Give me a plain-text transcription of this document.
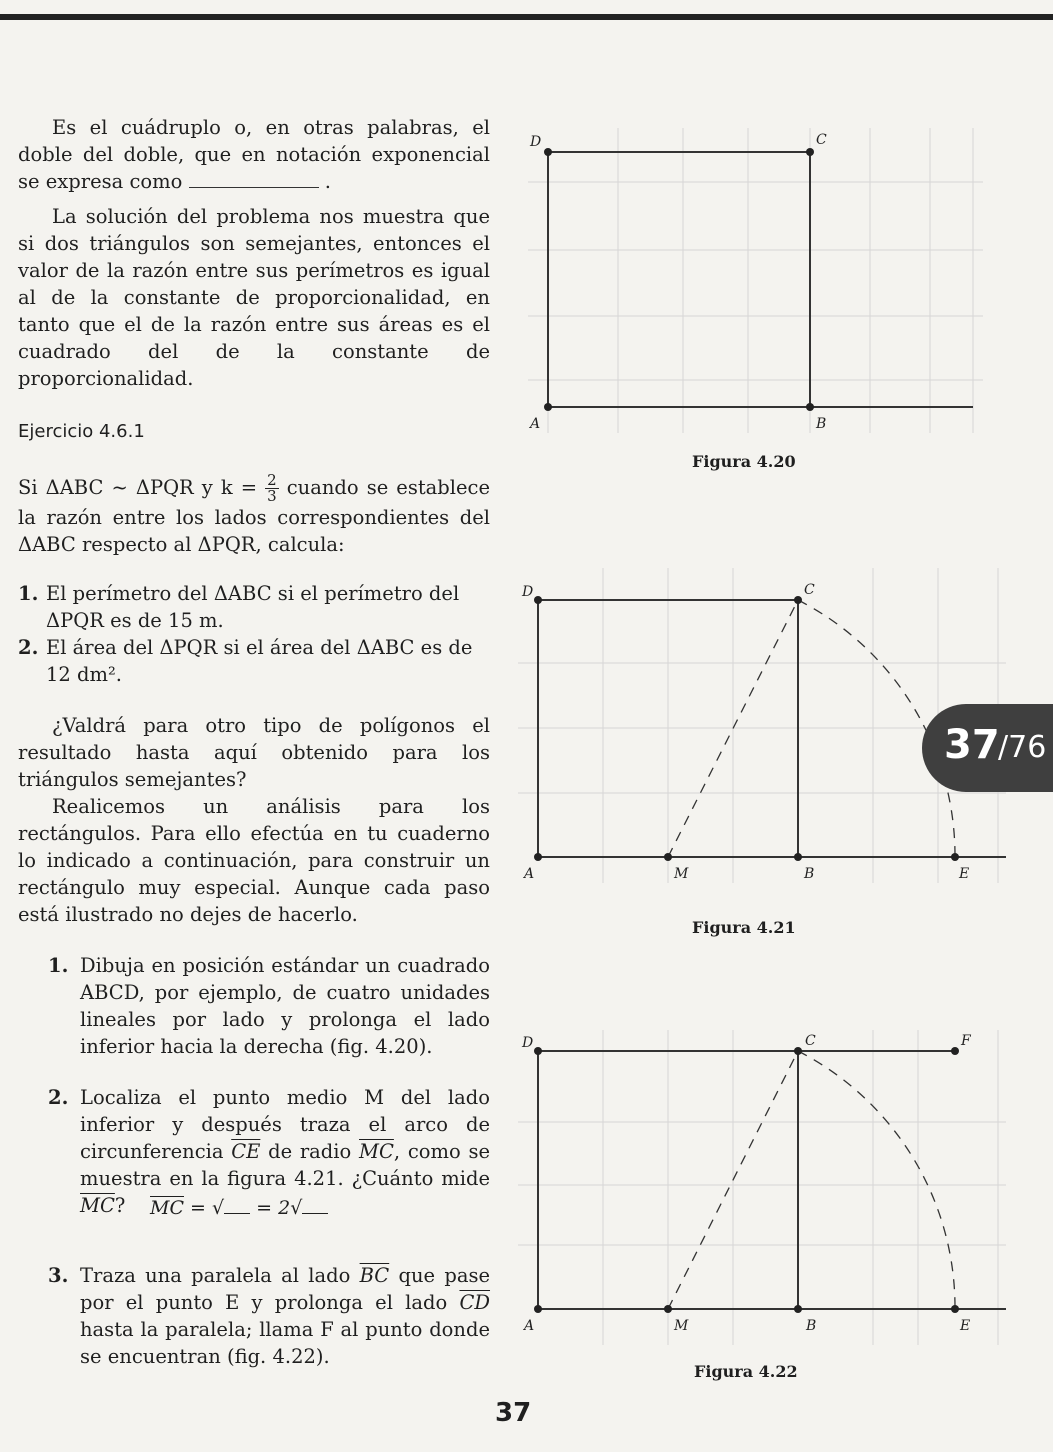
Es el cuádruplo o, en otras palabras, el doble del doble, que en notación exponencial se expresa como	.

La solución del problema nos muestra que si dos triángulos son semejantes, entonces el valor de la razón entre sus perímetros es igual al de la constante de proporcionalidad, en tanto que el de la razón entre sus áreas es el cuadrado del de la constante de proporcionalidad.

Ejercicio 4.6.1

Si ΔABC ~ ΔPQR y $k = \frac{2}{3}$ cuando se establece la razón entre los lados correspondientes del ΔABC respecto al ΔPQR, calcula:

1. El perímetro del ΔABC si el perímetro del ΔPQR es de 15 m.

2. El área del ΔPQR si el área del ΔABC es de 12 dm².

¿Valdrá para otro tipo de polígonos el resultado hasta aquí obtenido para los triángulos semejantes?

Realicemos un análisis para los rectángulos. Para ello efectúa en tu cuaderno lo indicado a continuación, para construir un rectángulo muy especial. Aunque cada paso está ilustrado no dejes de hacerlo.

1. Dibuja en posición estándar un cuadrado ABCD, por ejemplo, de cuatro unidades lineales por lado y prolonga el lado inferior hacia la derecha (fig. 4.20).

2. Localiza el punto medio M del lado inferior y después traza el arco de circunferencia $\overline{CE}$ de radio $\overline{MC}$, como se muestra en la figura 4.21. ¿Cuánto mide $\overline{MC}$?	$\overline{MC}$ = √ = 2√

3. Traza una paralela al lado $\overline{BC}$ que pase por el punto E y prolonga el lado $\overline{CD}$ hasta la paralela; llama F al punto donde se encuentran (fig. 4.22).

D	C
A	B
Figura 4.20
D	C
A	M	B	E
Figura 4.21
D	C	F
A	M	B	E
Figura 4.22
37
/76
37
